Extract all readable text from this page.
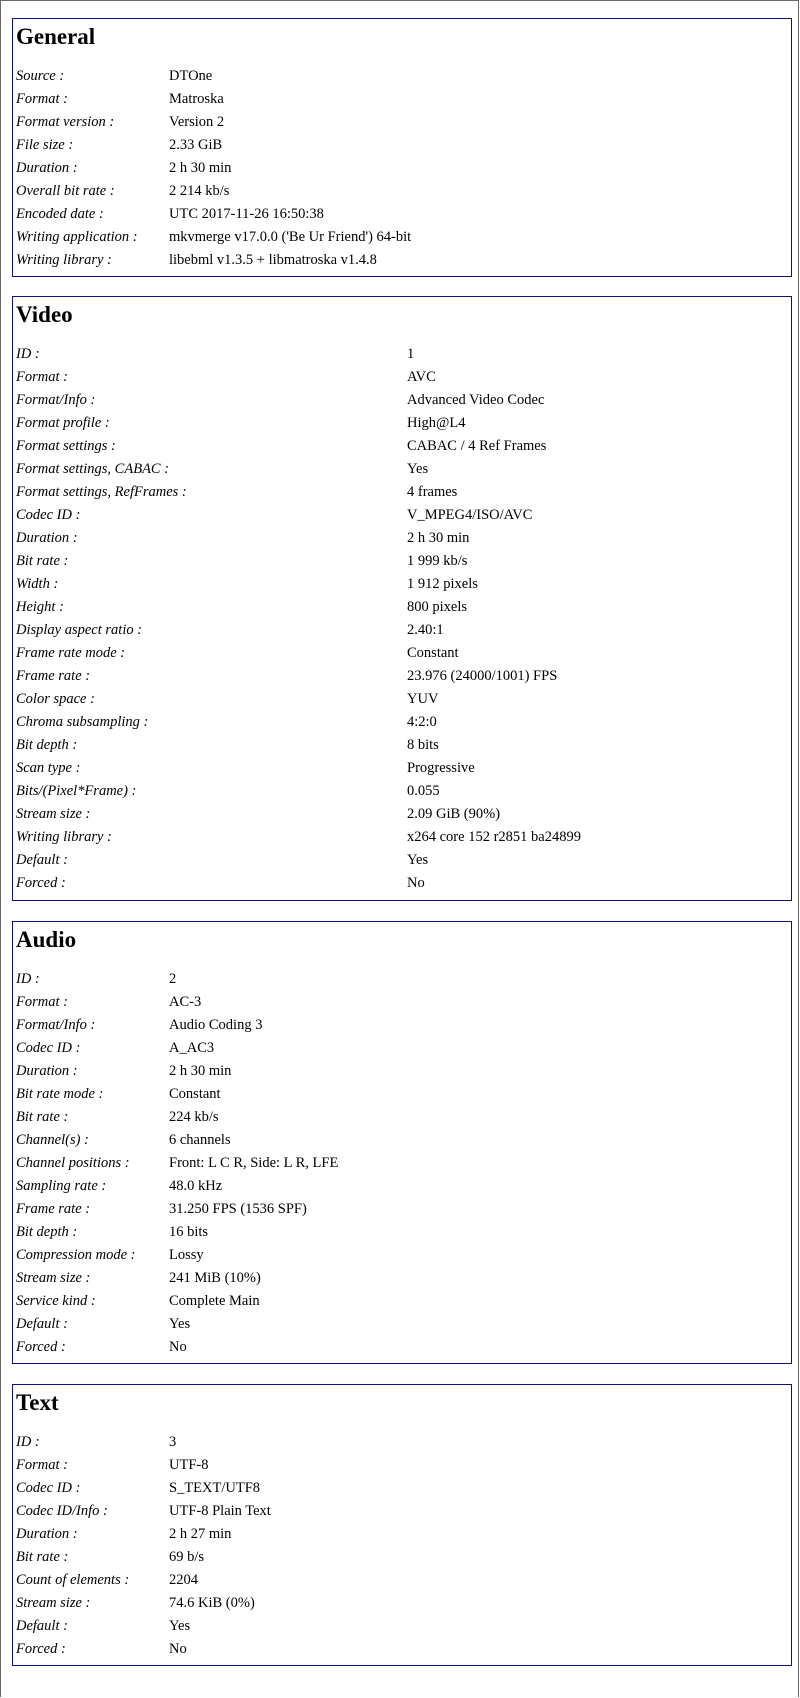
General
Source :	DTOne
Format :	Matroska
Format version :	Version 2
File size :	2.33 GiB
Duration :	2 h 30 min
Overall bit rate :	2 214 kb/s
Encoded date :	UTC 2017-11-26 16:50:38
Writing application : mkvmerge v17.0.0 ('Be Ur Friend') 64-bit
Writing library :	libebml v1.3.5 + libmatroska v1.4.8
Video
ID :	1
Format :	AVC
Format/Info :	Advanced Video Codec
Format profile :	High@L4
Format settings :	CABAC / 4 Ref Frames
Format settings, CABAC :	Yes
Format settings, RefFrames :	4 frames
Codec ID :	V_MPEG4/ISO/AVC
Duration :	2 h 30 min
Bit rate :	1 999 kb/s
Width :	1 912 pixels
Height :	800 pixels
Display aspect ratio :	2.40:1
Frame rate mode :	Constant
Frame rate :	23.976 (24000/1001) FPS
Color space :	YUV
Chroma subsampling :	4:2:0
Bit depth :	8 bits
Scan type :	Progressive
Bits/(Pixel*Frame) :	0.055
Stream size :	2.09 GiB (90%)
Writing library :	x264 core 152 r2851 ba24899
Default :	Yes
Forced :	No
Audio
ID :	2
Format :	AC-3
Format/Info :	Audio Coding 3
Codec ID :	A_AC3
Duration :	2 h 30 min
Bit rate mode :	Constant
Bit rate :	224 kb/s
Channel(s) :	6 channels
Channel positions :	Front: L C R, Side: L R, LFE
Sampling rate :	48.0 kHz
Frame rate :	31.250 FPS (1536 SPF)
Bit depth :	16 bits
Compression mode : Lossy
Stream size :	241 MiB (10%)
Service kind :	Complete Main
Default :	Yes
Forced :	No
Text
ID :	3
Format :	UTF-8
Codec ID :	S_TEXT/UTF8
Codec ID/Info :	UTF-8 Plain Text
Duration :	2 h 27 min
Bit rate :	69 b/s
Count of elements :	2204
Stream size :	74.6 KiB (0%)
Default :	Yes
Forced :	No
